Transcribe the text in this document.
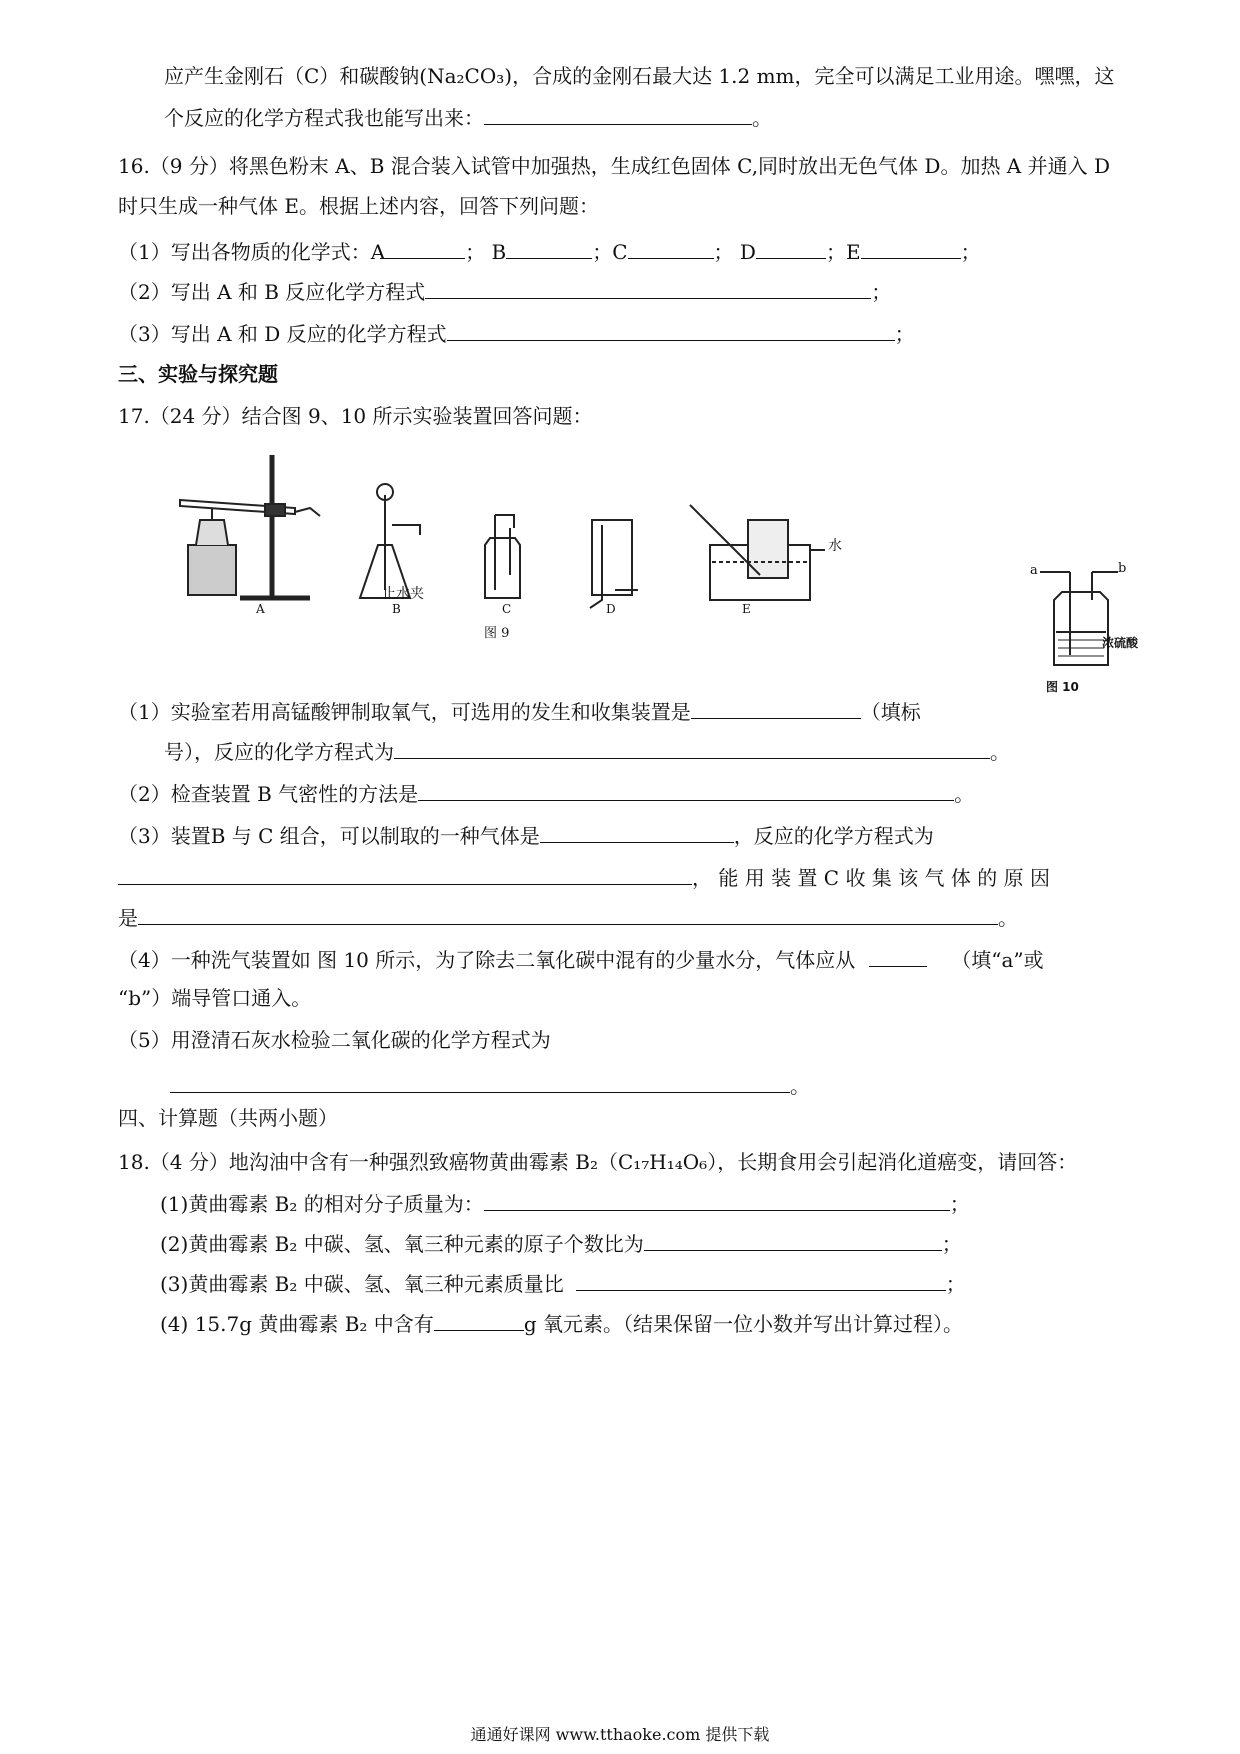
应产生金刚石（C）和碳酸钠(Na₂CO₃)，合成的金刚石最大达 1.2 mm，完全可以满足工业用途。嘿嘿，这
个反应的化学方程式我也能写出来：	。
16.（9 分）将黑色粉末 A、B 混合装入试管中加强热，生成红色固体 C,同时放出无色气体 D。加热 A 并通入 D
时只生成一种气体 E。根据上述内容，回答下列问题：
（1）写出各物质的化学式：A	； B	；C	； D	；E	；
（2）写出 A 和 B 反应化学方程式	；
（3）写出 A 和 D 反应的化学方程式	；
三、实验与探究题
17.（24 分）结合图 9、10 所示实验装置回答问题：
止水夹
水
A	B	C	D	E
图 9
a	b
浓硫酸
图 10
（1）实验室若用高锰酸钾制取氧气，可选用的发生和收集装置是	（填标
号），反应的化学方程式为	。
（2）检查装置 B 气密性的方法是	。
（3）装置B 与 C 组合，可以制取的一种气体是	，反应的化学方程式为
， 能 用 装 置 C 收 集 该 气 体 的 原 因
是	。
（4）一种洗气装置如 图 10 所示，为了除去二氧化碳中混有的少量水分，气体应从	（填“a”或
“b”）端导管口通入。
（5）用澄清石灰水检验二氧化碳的化学方程式为
。
四、计算题（共两小题）
18.（4 分）地沟油中含有一种强烈致癌物黄曲霉素 B₂（C₁₇H₁₄O₆），长期食用会引起消化道癌变，请回答：
(1)黄曲霉素 B₂ 的相对分子质量为：	；
(2)黄曲霉素 B₂ 中碳、氢、氧三种元素的原子个数比为	；
(3)黄曲霉素 B₂ 中碳、氢、氧三种元素质量比	；
(4) 15.7g 黄曲霉素 B₂ 中含有	g 氧元素。（结果保留一位小数并写出计算过程）。
通通好课网 www.tthaoke.com 提供下载
